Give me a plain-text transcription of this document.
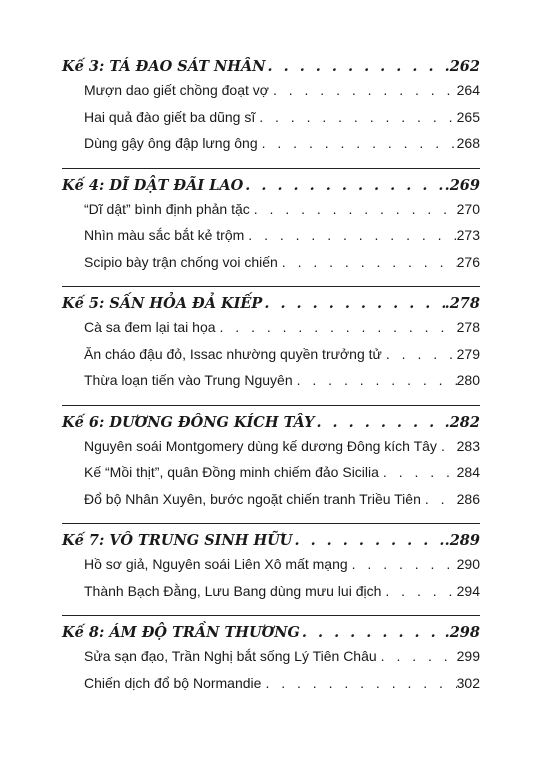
Kế 3: TÁ ĐAO SÁT NHÂN . . .	.262
Mượn dao giết chồng đoạt vợ . . .	264
Hai quả đào giết ba dũng sĩ . . .	265
Dùng gậy ông đập lưng ông . . .	268
Kế 4: DĨ DẬT ĐÃI LAO . . .	.269
“Dĩ dật” bình định phản tặc . . .	270
Nhìn màu sắc bắt kẻ trộm . . .	273
Scipio bày trận chống voi chiến . . .	276
Kế 5: SẤN HỎA ĐẢ KIẾP . . .	.278
Cà sa đem lại tai họa . . .	278
Ăn cháo đậu đỏ, Issac nhường quyền trưởng tử . . .	279
Thừa loạn tiến vào Trung Nguyên . . .	280
Kế 6: DƯƠNG ĐÔNG KÍCH TÂY . . .	.282
Nguyên soái Montgomery dùng kế dương Đông kích Tây . . . 283
Kế “Mồi thịt”, quân Đồng minh chiếm đảo Sicilia . . .	284
Đổ bộ Nhân Xuyên, bước ngoặt chiến tranh Triều Tiên . . .	286
Kế 7: VÔ TRUNG SINH HỮU . . .	.289
Hồ sơ giả, Nguyên soái Liên Xô mất mạng . . .	290
Thành Bạch Đằng, Lưu Bang dùng mưu lui địch . . .	294
Kế 8: ÁM ĐỘ TRẦN THƯƠNG . . .	.298
Sửa sạn đạo, Trần Nghị bắt sống Lý Tiên Châu . . .	299
Chiến dịch đổ bộ Normandie . . .	302
